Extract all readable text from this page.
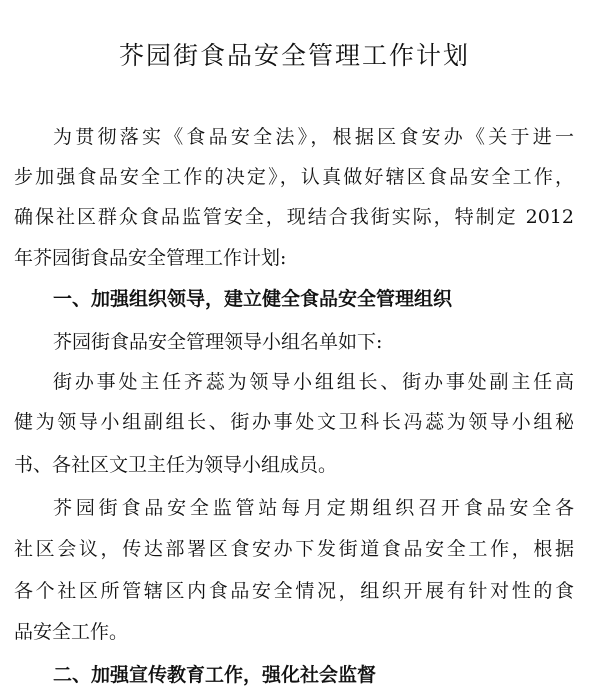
芥园街食品安全管理工作计划

为贯彻落实《食品安全法》，根据区食安办《关于进一

步加强食品安全工作的决定》，认真做好辖区食品安全工作，

确保社区群众食品监管安全，现结合我街实际，特制定 2012

年芥园街食品安全管理工作计划:

一、加强组织领导，建立健全食品安全管理组织

芥园街食品安全管理领导小组名单如下:

街办事处主任齐蕊为领导小组组长、街办事处副主任高

健为领导小组副组长、街办事处文卫科长冯蕊为领导小组秘

书、各社区文卫主任为领导小组成员。

芥园街食品安全监管站每月定期组织召开食品安全各

社区会议，传达部署区食安办下发街道食品安全工作，根据

各个社区所管辖区内食品安全情况，组织开展有针对性的食

品安全工作。

二、加强宣传教育工作，强化社会监督
